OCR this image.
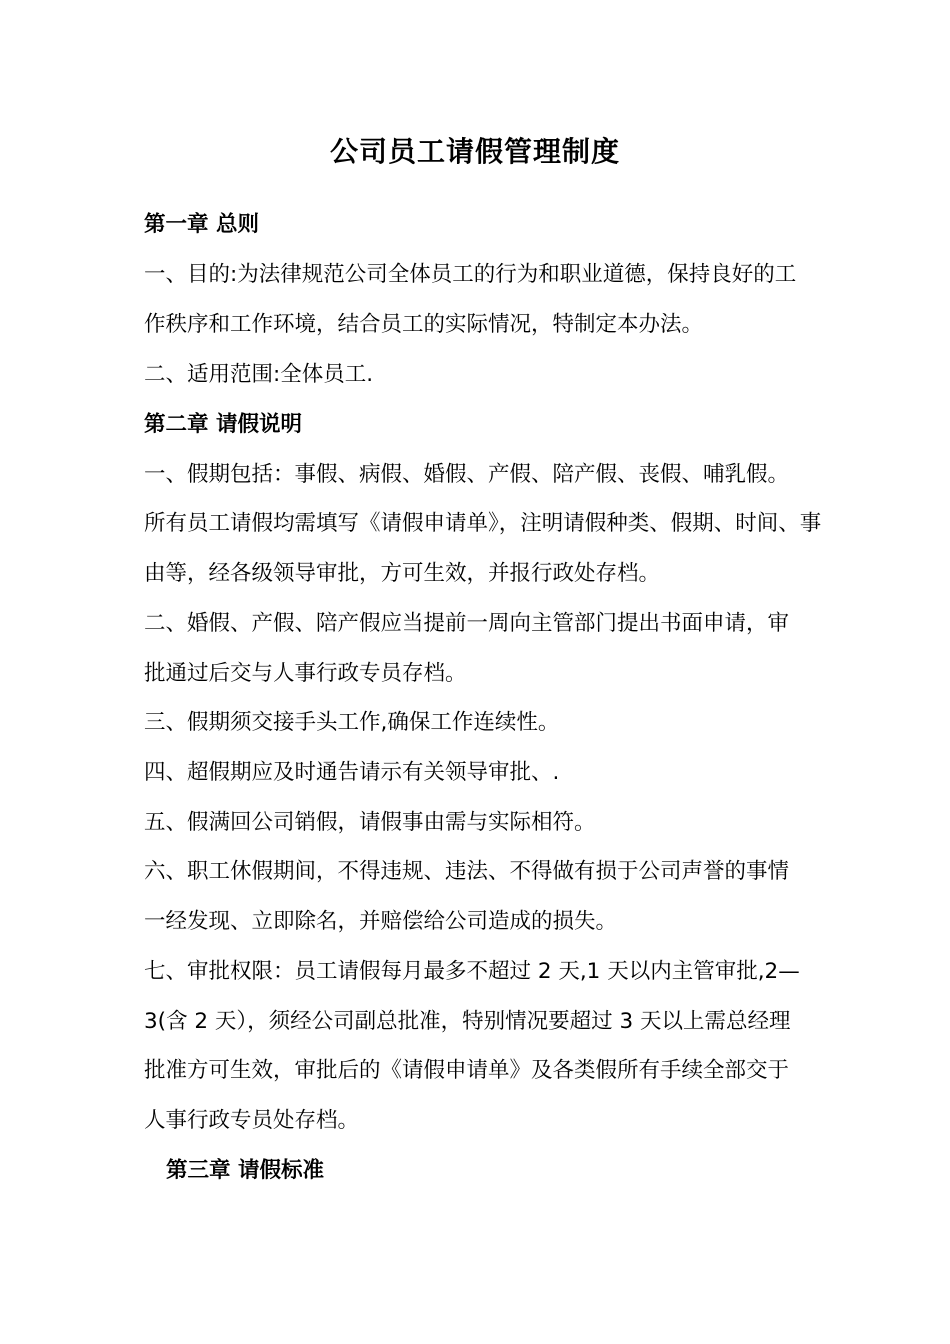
公司员工请假管理制度
第一章 总则
一、目的:为法律规范公司全体员工的行为和职业道德，保持良好的工
作秩序和工作环境，结合员工的实际情况，特制定本办法。
二、适用范围:全体员工.
第二章 请假说明
一、假期包括：事假、病假、婚假、产假、陪产假、丧假、哺乳假。
所有员工请假均需填写《请假申请单》，注明请假种类、假期、时间、事
由等，经各级领导审批，方可生效，并报行政处存档。
二、婚假、产假、陪产假应当提前一周向主管部门提出书面申请，审
批通过后交与人事行政专员存档。
三、假期须交接手头工作,确保工作连续性。
四、超假期应及时通告请示有关领导审批、.
五、假满回公司销假，请假事由需与实际相符。
六、职工休假期间，不得违规、违法、不得做有损于公司声誉的事情
一经发现、立即除名，并赔偿给公司造成的损失。
七、审批权限：员工请假每月最多不超过 2 天,1 天以内主管审批,2—
3(含 2 天），须经公司副总批准，特别情况要超过 3 天以上需总经理
批准方可生效，审批后的《请假申请单》及各类假所有手续全部交于
人事行政专员处存档。
第三章 请假标准
